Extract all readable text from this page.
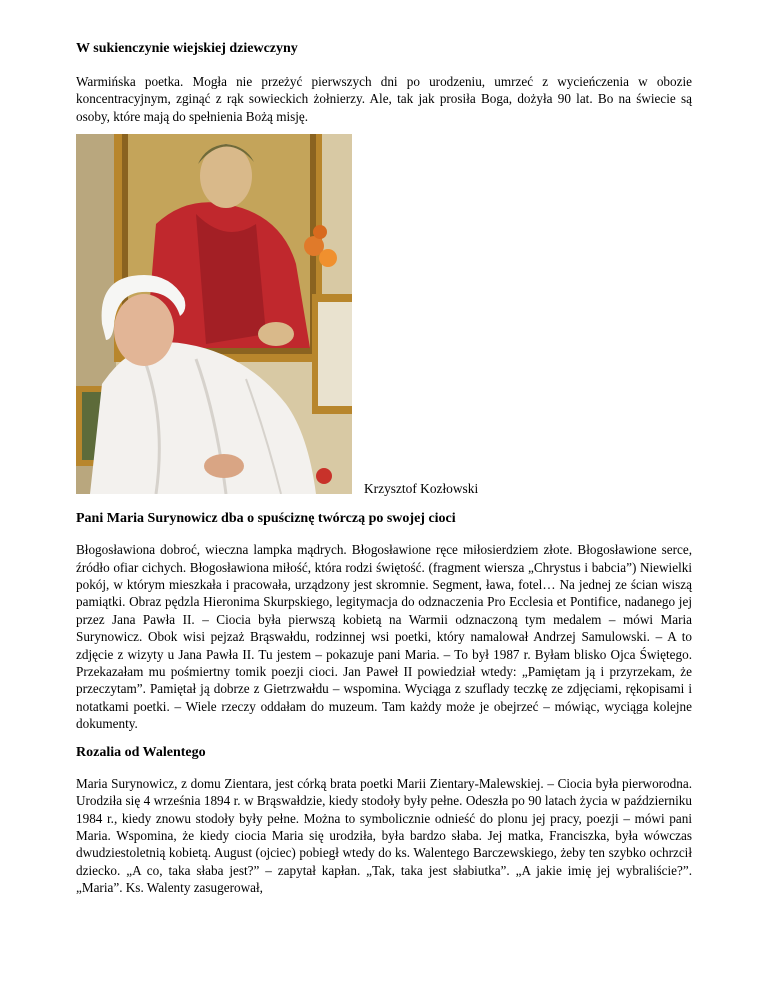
W sukienczynie wiejskiej dziewczyny

Warmińska poetka. Mogła nie przeżyć pierwszych dni po urodzeniu, umrzeć z wycieńczenia w obozie koncentracyjnym, zginąć z rąk sowieckich żołnierzy. Ale, tak jak prosiła Boga, dożyła 90 lat. Bo na świecie są osoby, które mają do spełnienia Bożą misję.

Krzysztof Kozłowski
Pani Maria Surynowicz dba o spuściznę twórczą po swojej cioci

Błogosławiona dobroć, wieczna lampka mądrych. Błogosławione ręce miłosierdziem złote. Błogosławione serce, źródło ofiar cichych. Błogosławiona miłość, która rodzi świętość. (fragment wiersza „Chrystus i babcia”) Niewielki pokój, w którym mieszkała i pracowała, urządzony jest skromnie. Segment, ława, fotel… Na jednej ze ścian wiszą pamiątki. Obraz pędzla Hieronima Skurpskiego, legitymacja do odznaczenia Pro Ecclesia et Pontifice, nadanego jej przez Jana Pawła II. – Ciocia była pierwszą kobietą na Warmii odznaczoną tym medalem – mówi Maria Surynowicz. Obok wisi pejzaż Brąswałdu, rodzinnej wsi poetki, który namalował Andrzej Samulowski. – A to zdjęcie z wizyty u Jana Pawła II. Tu jestem – pokazuje pani Maria. – To był 1987 r. Byłam blisko Ojca Świętego. Przekazałam mu pośmiertny tomik poezji cioci. Jan Paweł II powiedział wtedy: „Pamiętam ją i przyrzekam, że przeczytam”. Pamiętał ją dobrze z Gietrzwałdu – wspomina. Wyciąga z szuflady teczkę ze zdjęciami, rękopisami i notatkami poetki. – Wiele rzeczy oddałam do muzeum. Tam każdy może je obejrzeć – mówiąc, wyciąga kolejne dokumenty.

Rozalia od Walentego

Maria Surynowicz, z domu Zientara, jest córką brata poetki Marii Zientary-Malewskiej. – Ciocia była pierworodna. Urodziła się 4 września 1894 r. w Brąswałdzie, kiedy stodoły były pełne. Odeszła po 90 latach życia w październiku 1984 r., kiedy znowu stodoły były pełne. Można to symbolicznie odnieść do plonu jej pracy, poezji – mówi pani Maria. Wspomina, że kiedy ciocia Maria się urodziła, była bardzo słaba. Jej matka, Franciszka, była wówczas dwudziestoletnią kobietą. August (ojciec) pobiegł wtedy do ks. Walentego Barczewskiego, żeby ten szybko ochrzcił dziecko. „A co, taka słaba jest?” – zapytał kapłan. „Tak, taka jest słabiutka”. „A jakie imię jej wybraliście?”. „Maria”. Ks. Walenty zasugerował,
